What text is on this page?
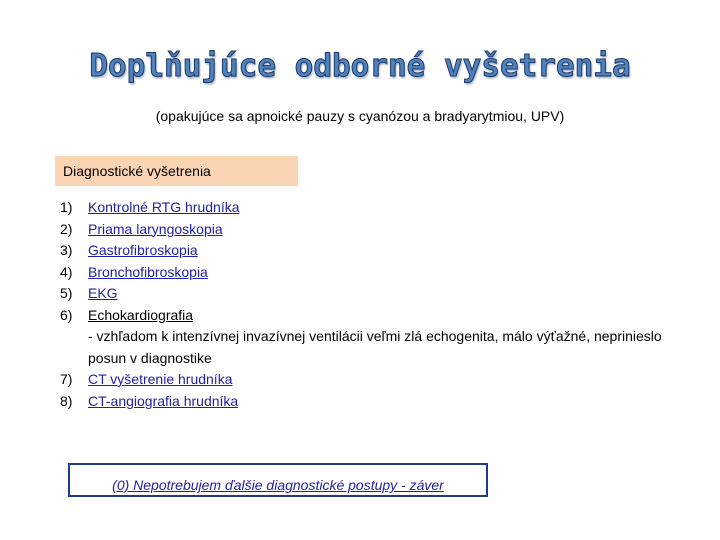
Doplňujúce odborné vyšetrenia
(opakujúce sa apnoické pauzy s cyanózou a bradyarytmiou, UPV)
Diagnostické vyšetrenia
1) Kontrolné RTG hrudníka
2) Priama laryngoskopia
3) Gastrofibroskopia
4) Bronchofibroskopia
5) EKG
6) Echokardiografia
- vzhľadom k intenzívnej invazívnej ventilácii veľmi zlá echogenita, málo výťažné, neprinieslo posun v diagnostike
7) CT vyšetrenie hrudníka
8) CT-angiografia hrudníka
(0) Nepotrebujem ďalšie diagnostické postupy - záver
